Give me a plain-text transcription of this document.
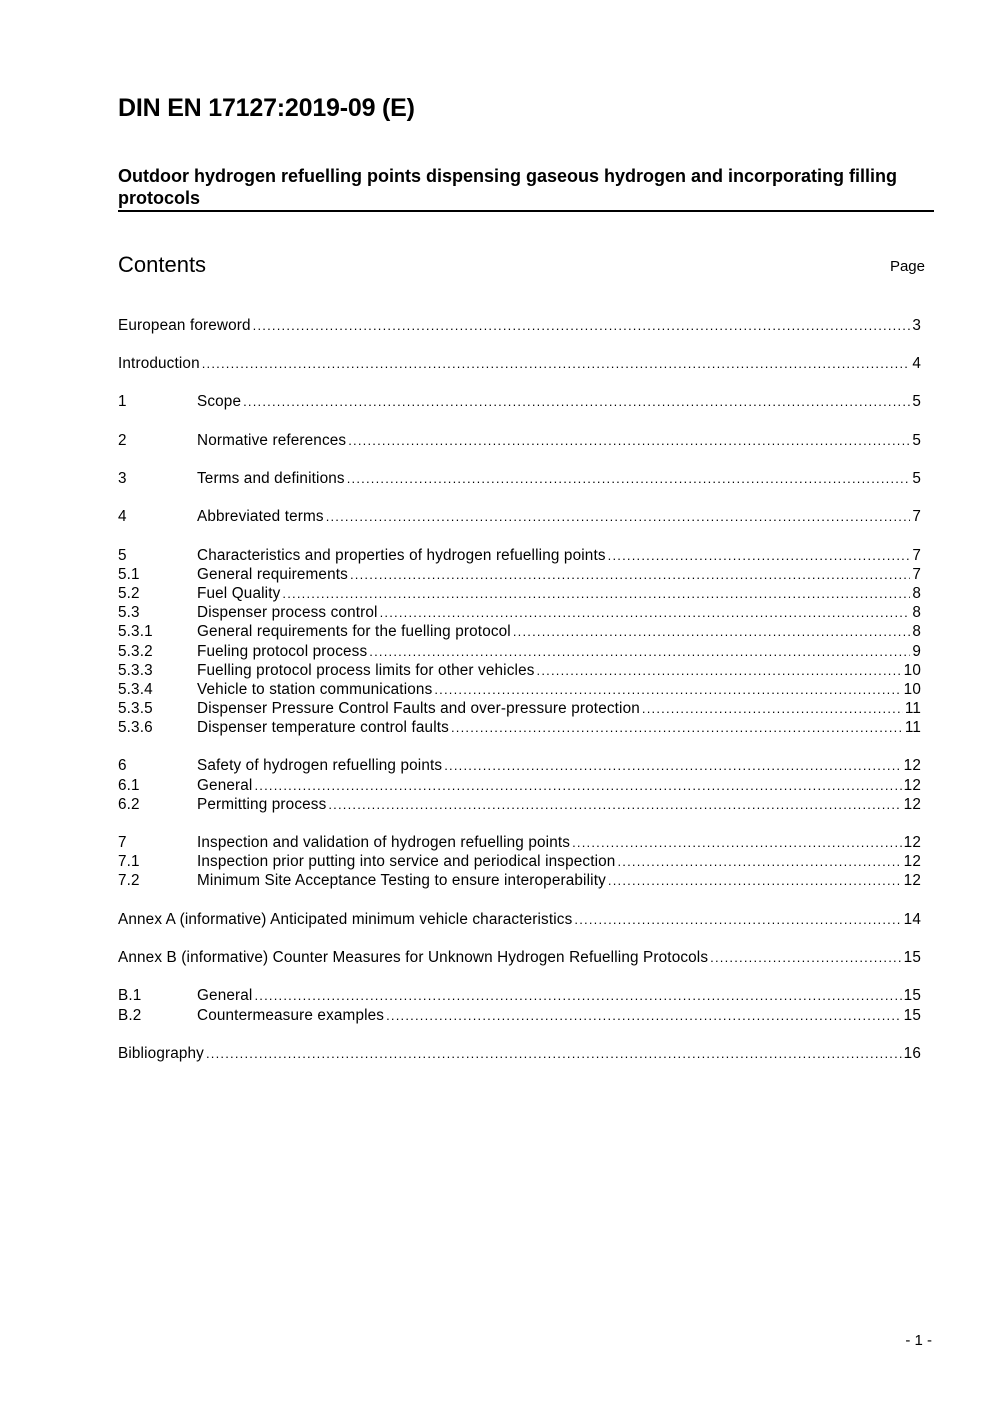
DIN EN 17127:2019-09 (E)
Outdoor hydrogen refuelling points dispensing gaseous hydrogen and incorporating filling protocols
Contents	Page
European foreword .....	3
Introduction .....	4
1	Scope .....	5
2	Normative references .....	5
3	Terms and definitions .....	5
4	Abbreviated terms .....	7
5	Characteristics and properties of hydrogen refuelling points .....	7
5.1	General requirements .....	7
5.2	Fuel Quality .....	8
5.3	Dispenser process control .....	8
5.3.1	General requirements for the fuelling protocol .....	8
5.3.2	Fueling protocol process .....	9
5.3.3	Fuelling protocol process limits for other vehicles .....	10
5.3.4	Vehicle to station communications .....	10
5.3.5	Dispenser Pressure Control Faults and over-pressure protection .....	11
5.3.6	Dispenser temperature control faults .....	11
6	Safety of hydrogen refuelling points .....	12
6.1	General .....	12
6.2	Permitting process .....	12
7	Inspection and validation of hydrogen refuelling points .....	12
7.1	Inspection prior putting into service and periodical inspection .....	12
7.2	Minimum Site Acceptance Testing to ensure interoperability .....	12
Annex A (informative) Anticipated minimum vehicle characteristics .....	14
Annex B (informative) Counter Measures for Unknown Hydrogen Refuelling Protocols .....	15
B.1	General .....	15
B.2	Countermeasure examples .....	15
Bibliography .....	16
- 1 -
